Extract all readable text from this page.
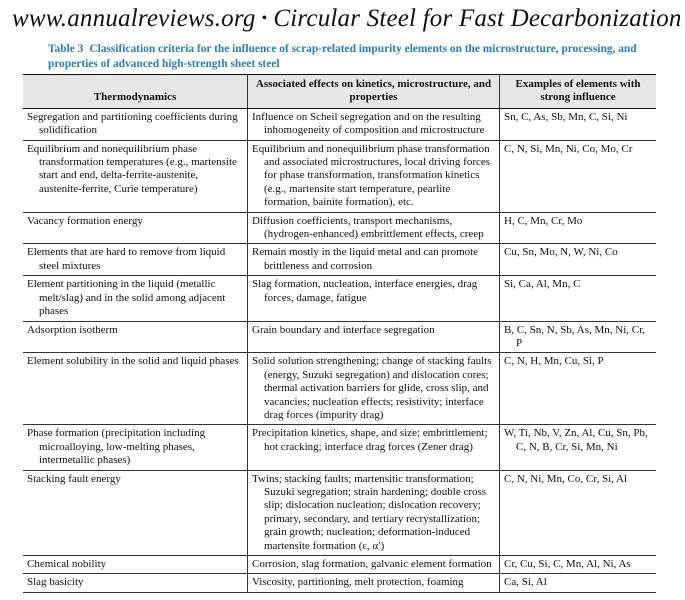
www.annualreviews.org • Circular Steel for Fast Decarbonization
Table 3 Classification criteria for the influence of scrap-related impurity elements on the microstructure, processing, and properties of advanced high-strength sheet steel
Thermodynamics	Associated effects on kinetics, microstructure, and properties	Examples of elements with strong influence

Segregation and partitioning coefficients during solidification	Influence on Scheil segregation and on the resulting inhomogeneity of composition and microstructure	Sn, C, As, Sb, Mn, C, Si, Ni

Equilibrium and nonequilibrium phase transformation temperatures (e.g., martensite start and end, delta-ferrite-austenite, austenite-ferrite, Curie temperature)	Equilibrium and nonequilibrium phase transformation and associated microstructures, local driving forces for phase transformation, transformation kinetics (e.g., martensite start temperature, pearlite formation, bainite formation), etc.	C, N, Si, Mn, Ni, Co, Mo, Cr

Vacancy formation energy	Diffusion coefficients, transport mechanisms, (hydrogen-enhanced) embrittlement effects, creep	H, C, Mn, Cr, Mo

Elements that are hard to remove from liquid steel mixtures	Remain mostly in the liquid metal and can promote brittleness and corrosion	Cu, Sn, Mo, N, W, Ni, Co

Element partitioning in the liquid (metallic melt/slag) and in the solid among adjacent phases	Slag formation, nucleation, interface energies, drag forces, damage, fatigue	Si, Ca, Al, Mn, C

Adsorption isotherm	Grain boundary and interface segregation	B, C, Sn, N, Sb, As, Mn, Ni, Cr, P

Element solubility in the solid and liquid phases	Solid solution strengthening; change of stacking faults (energy, Suzuki segregation) and dislocation cores; thermal activation barriers for glide, cross slip, and vacancies; nucleation effects; resistivity; interface drag forces (impurity drag)	C, N, H, Mn, Cu, Si, P

Phase formation (precipitation including microalloying, low-melting phases, intermetallic phases)	Precipitation kinetics, shape, and size; embrittlement; hot cracking; interface drag forces (Zener drag)	W, Ti, Nb, V, Zn, Al, Cu, Sn, Pb, C, N, B, Cr, Si, Mn, Ni

Stacking fault energy	Twins; stacking faults; martensitic transformation; Suzuki segregation; strain hardening; double cross slip; dislocation nucleation; dislocation recovery; primary, secondary, and tertiary recrystallization; grain growth; nucleation; deformation-induced martensite formation (ε, α′)	C, N, Ni, Mn, Co, Cr, Si, Al

Chemical nobility	Corrosion, slag formation, galvanic element formation	Cr, Cu, Si, C, Mn, Al, Ni, As

Slag basicity	Viscosity, partitioning, melt protection, foaming	Ca, Si, Al
